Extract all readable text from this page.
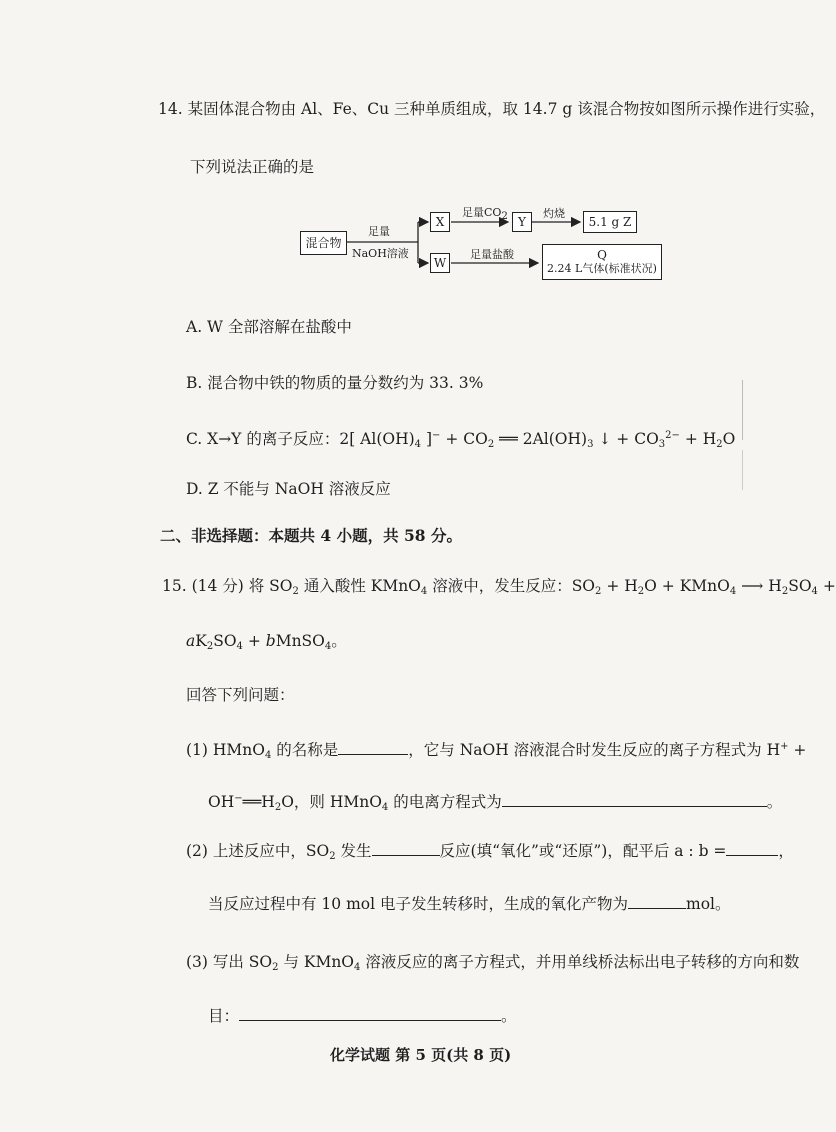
14. 某固体混合物由 Al、Fe、Cu 三种单质组成，取 14.7 g 该混合物按如图所示操作进行实验，
下列说法正确的是
混合物
足量
NaOH溶液
X
足量$CO_2$ Y
灼烧
5.1 g Z
W
足量盐酸	Q
2.24 L气体(标准状况)
A. W 全部溶解在盐酸中
B. 混合物中铁的物质的量分数约为 33. 3%
C. X→Y 的离子反应：2[ $Al(OH)_4$ ]$^- + CO_2$ ══ $2Al(OH)_3$ ↓ + $CO_3^{2-} + H_2O$
D. Z 不能与 NaOH 溶液反应
二、非选择题：本题共 4 小题，共 58 分。
15. (14 分) 将 $SO_2$ 通入酸性 KMnO$_4$ 溶液中，发生反应：$SO_2 + H_2O$ + KMnO$_4$ ⟶ $H_2SO_4$ +
$aK_2SO_4$ + bMnSO$_4$。
回答下列问题：
(1) HMnO$_4$ 的名称是	，它与 NaOH 溶液混合时发生反应的离子方程式为 H+ +
$OH^-══H_2O$，则 HMnO$_4$ 的电离方程式为	。
(2) 上述反应中，$SO_2$ 发生	反应(填“氧化”或“还原”)，配平后 a : b =	，
当反应过程中有 10 mol 电子发生转移时，生成的氧化产物为	mol。
(3) 写出 $SO_2$ 与 KMnO$_4$ 溶液反应的离子方程式，并用单线桥法标出电子转移的方向和数
目：	。
化学试题 第 5 页(共 8 页)
